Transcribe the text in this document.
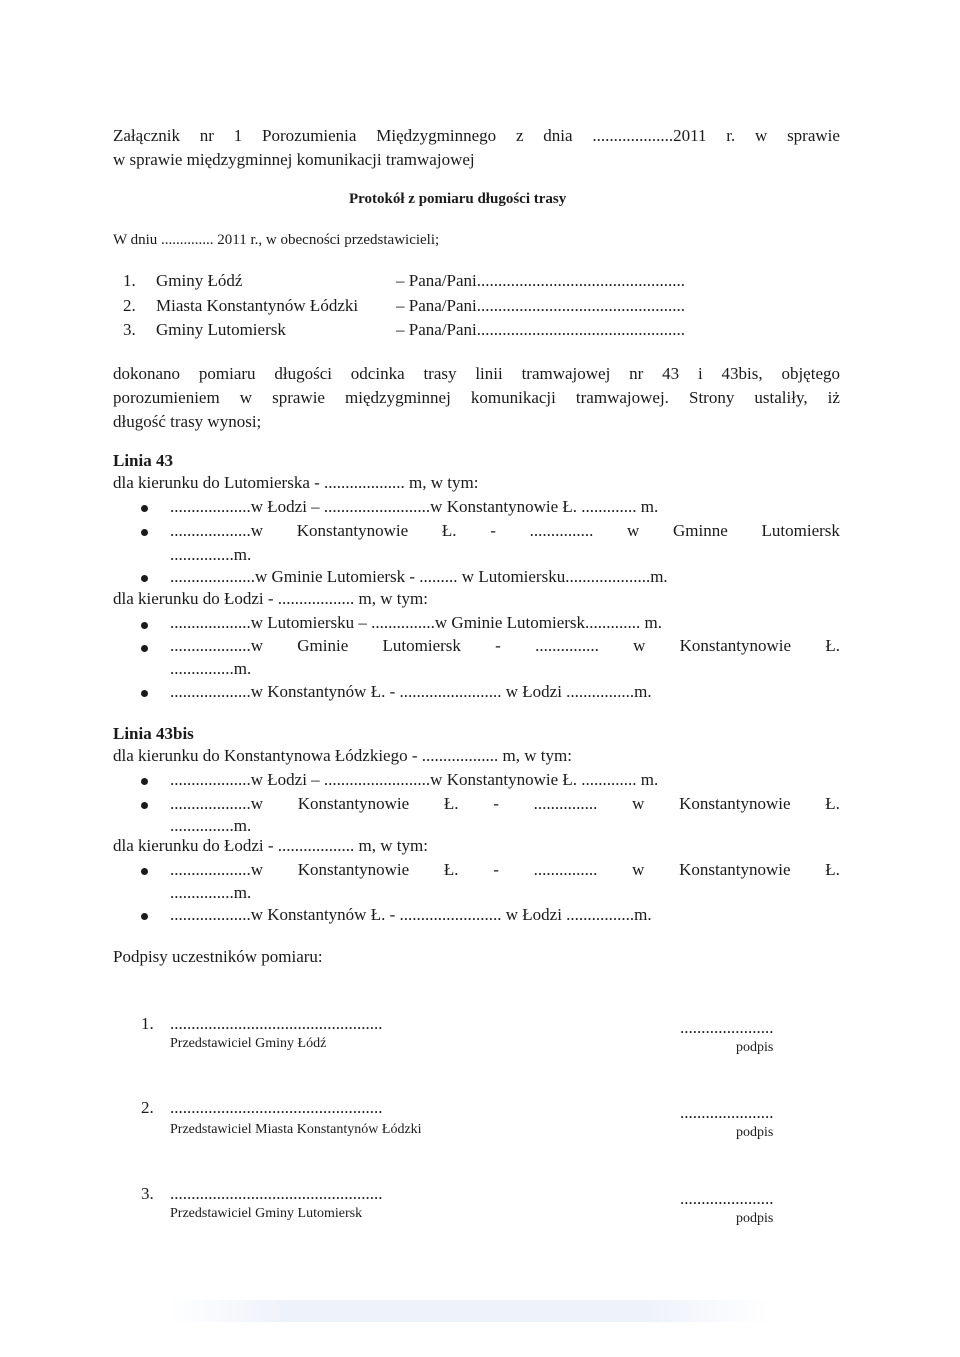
Załącznik nr 1 Porozumienia Międzygminnego z dnia ...................2011 r. w sprawie
w sprawie międzygminnej komunikacji tramwajowej
Protokół z pomiaru długości trasy
W dniu .............. 2011 r., w obecności przedstawicieli;
1. Gminy Łódź	– Pana/Pani.................................................
2. Miasta Konstantynów Łódzki – Pana/Pani.................................................
3. Gminy Lutomiersk	– Pana/Pani.................................................
dokonano pomiaru długości odcinka trasy linii tramwajowej nr 43 i 43bis, objętego
porozumieniem w sprawie międzygminnej komunikacji tramwajowej. Strony ustaliły, iż
długość trasy wynosi;
Linia 43
dla kierunku do Lutomierska - ................... m, w tym:
...................w Łodzi – .........................w Konstantynowie Ł. ............. m.
...................w Konstantynowie Ł. - ............... w Gminne Lutomiersk
...............m.
....................w Gminie Lutomiersk - ......... w Lutomiersku....................m.
dla kierunku do Łodzi - .................. m, w tym:
...................w Lutomiersku – ...............w Gminie Lutomiersk............. m.
...................w Gminie Lutomiersk - ............... w Konstantynowie Ł.
...............m.
...................w Konstantynów Ł. - ........................ w Łodzi ................m.
Linia 43bis
dla kierunku do Konstantynowa Łódzkiego - .................. m, w tym:
...................w Łodzi – .........................w Konstantynowie Ł. ............. m.
...................w Konstantynowie Ł. - ............... w Konstantynowie Ł.
...............m.
dla kierunku do Łodzi - .................. m, w tym:
...................w Konstantynowie Ł. - ............... w Konstantynowie Ł.
...............m.
...................w Konstantynów Ł. - ........................ w Łodzi ................m.
Podpisy uczestników pomiaru:
1. ..................................................
Przedstawiciel Gminy Łódź
......................
podpis
2. ..................................................
Przedstawiciel Miasta Konstantynów Łódzki
......................
podpis
3. ..................................................
Przedstawiciel Gminy Lutomiersk
......................
podpis
